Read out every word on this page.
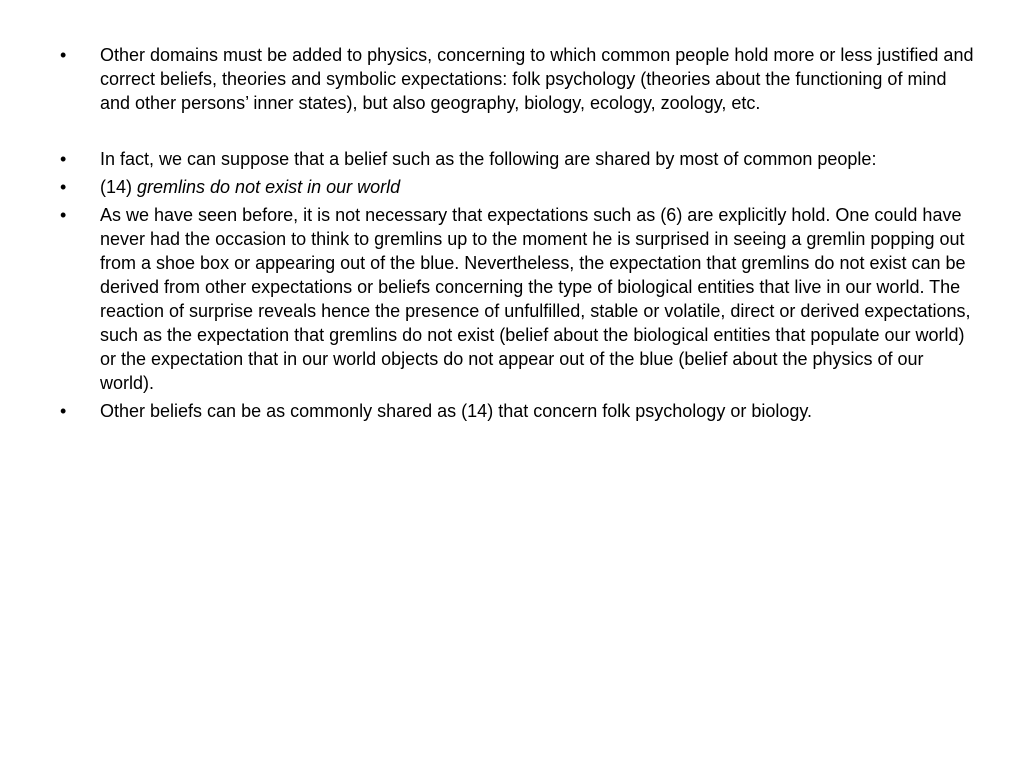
•	Other domains must be added to physics, concerning to which common people hold more or less justified and correct beliefs, theories and symbolic expectations: folk psychology (theories about the functioning of mind and other persons’ inner states), but also geography, biology, ecology, zoology, etc.
•	In fact, we can suppose that a belief such as the following are shared by most of common people:
•	(14) gremlins do not exist in our world
•	As we have seen before, it is not necessary that expectations such as (6) are explicitly hold. One could have never had the occasion to think to gremlins up to the moment he is surprised in seeing a gremlin popping out from a shoe box or appearing out of the blue. Nevertheless, the expectation that gremlins do not exist can be derived from other expectations or beliefs concerning the type of biological entities that live in our world. The reaction of surprise reveals hence the presence of unfulfilled, stable or volatile, direct or derived expectations, such as the expectation that gremlins do not exist (belief about the biological entities that populate our world) or the expectation that in our world objects do not appear out of the blue (belief about the physics of our world).
•	Other beliefs can be as commonly shared as (14) that concern folk psychology or biology.
